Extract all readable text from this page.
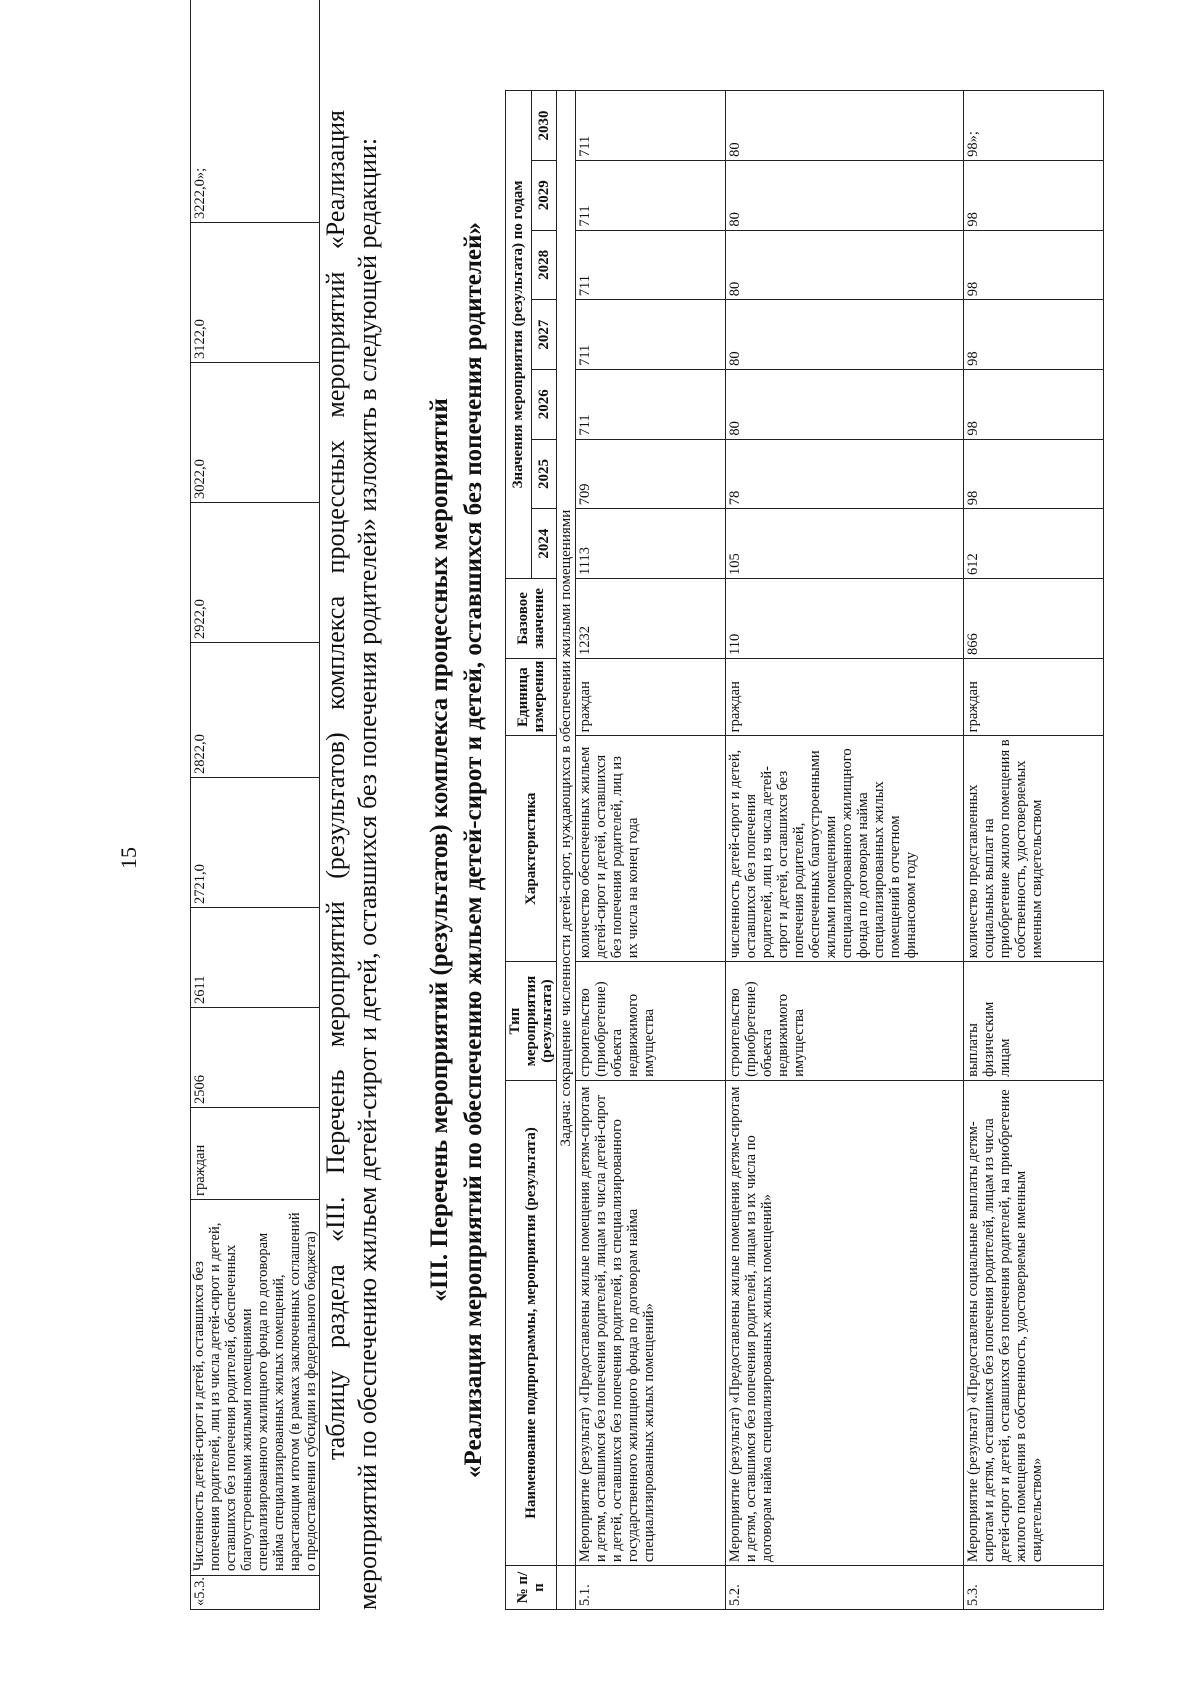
15
«5.3.	Численность детей-сирот и детей, оставшихся без попечения родителей, лиц из числа детей-сирот и детей, оставшихся без попечения родителей, обеспеченных благоустроенными жилыми помещениями специализированного жилищного фонда по договорам найма специализированных жилых помещений, нарастающим итогом (в рамках заключенных соглашений о предоставлении субсидии из федерального бюджета)	граждан	2506	2611	2721,0	2822,0	2922,0	3022,0	3122,0	3222,0»;	таблицу раздела «III. Перечень мероприятий (результатов) комплекса процессных мероприятий «Реализация мероприятий по обеспечению жильем детей-сирот и детей, оставшихся без попечения родителей» изложить в следующей редакции: «III. Перечень мероприятий (результатов) комплекса процессных мероприятий «Реализация мероприятий по обеспечению жильем детей-сирот и детей, оставшихся без попечения родителей»
№ п/п	Наименование подпрограммы, мероприятия (результата)	Тип мероприятия (результата)	Характеристика	Единица измерения	Базовое значение	Значения мероприятия (результата) по годам						
						2024	2025	2026	2027	2028	2029	2030
	Задача: сокращение численности детей-сирот, нуждающихся в обеспечении жилыми помещениями											
5.1.	Мероприятие (результат) «Предоставлены жилые помещения детям-сиротам и детям, оставшимся без попечения родителей, лицам из числа детей-сирот и детей, оставшихся без попечения родителей, из специализированного государственного жилищного фонда по договорам найма специализированных жилых помещений»	строительство (приобретение) объекта недвижимого имущества	количество обеспеченных жильем детей-сирот и детей, оставшихся без попечения родителей, лиц из их числа на конец года	граждан	1232	1113	709	711	711	711	711	711
5.2.	Мероприятие (результат) «Предоставлены жилые помещения детям-сиротам и детям, оставшимся без попечения родителей, лицам из их числа по договорам найма специализированных жилых помещений»	строительство (приобретение) объекта недвижимого имущества	численность детей-сирот и детей, оставшихся без попечения родителей, лиц из числа детей-сирот и детей, оставшихся без попечения родителей, обеспеченных благоустроенными жилыми помещениями специализированного жилищного фонда по договорам найма специализированных жилых помещений в отчетном финансовом году	граждан	110	105	78	80	80	80	80	80
5.3.	Мероприятие (результат) «Предоставлены социальные выплаты детям-сиротам и детям, оставшимся без попечения родителей, лицам из числа детей-сирот и детей, оставшихся без попечения родителей, на приобретение жилого помещения в собственность, удостоверяемые именным свидетельством»	выплаты физическим лицам	количество представленных социальных выплат на приобретение жилого помещения в собственность, удостоверяемых именным свидетельством	граждан	866	612	98	98	98	98	98	98»;
